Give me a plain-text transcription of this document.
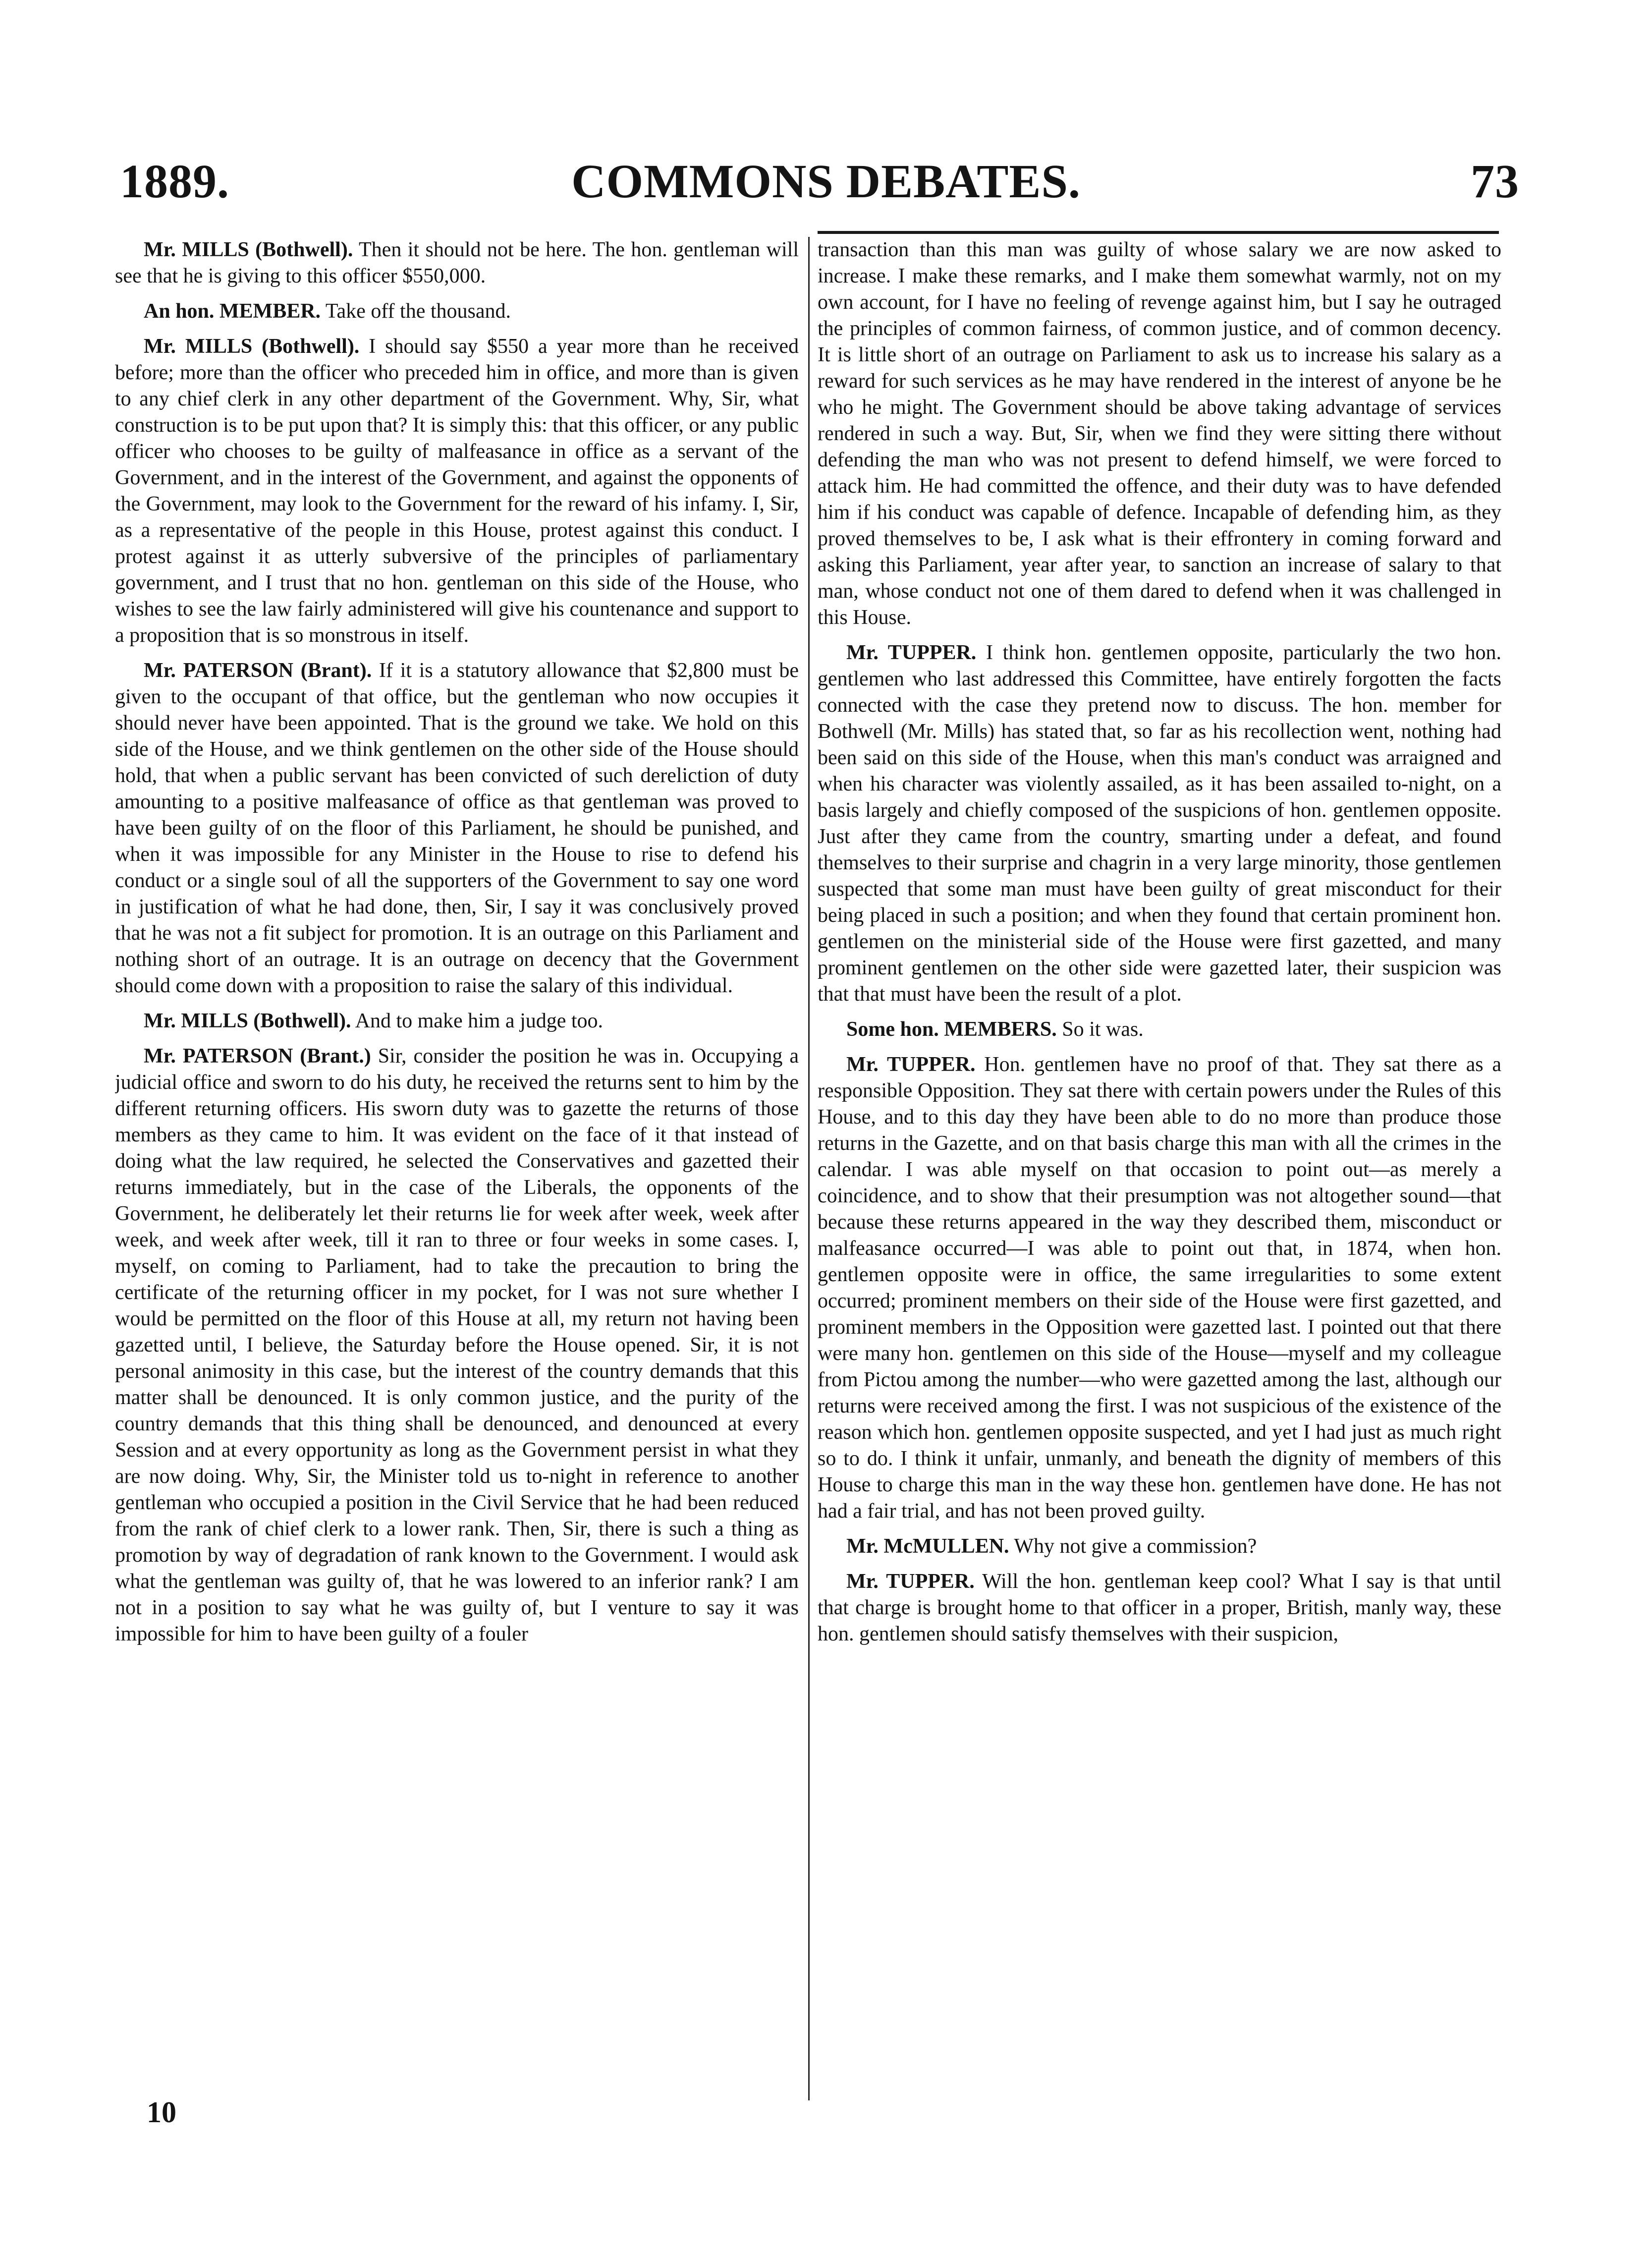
COMMONS DEBATES.
1889.	73

Mr. MILLS (Bothwell). Then it should not be here. The hon. gentleman will see that he is giving to this officer $550,000.

An hon. MEMBER. Take off the thousand.

Mr. MILLS (Bothwell). I should say $550 a year more than he received before; more than the officer who preceded him in office, and more than is given to any chief clerk in any other department of the Government. Why, Sir, what construction is to be put upon that? It is simply this: that this officer, or any public officer who chooses to be guilty of malfeasance in office as a servant of the Government, and in the interest of the Government, and against the opponents of the Government, may look to the Government for the reward of his infamy. I, Sir, as a representative of the people in this House, protest against this conduct. I protest against it as utterly subversive of the principles of parliamentary government, and I trust that no hon. gentleman on this side of the House, who wishes to see the law fairly administered will give his countenance and support to a proposition that is so monstrous in itself.

Mr. PATERSON (Brant). If it is a statutory allowance that $2,800 must be given to the occupant of that office, but the gentleman who now occupies it should never have been appointed. That is the ground we take. We hold on this side of the House, and we think gentlemen on the other side of the House should hold, that when a public servant has been convicted of such dereliction of duty amounting to a positive malfeasance of office as that gentleman was proved to have been guilty of on the floor of this Parliament, he should be punished, and when it was impossible for any Minister in the House to rise to defend his conduct or a single soul of all the supporters of the Government to say one word in justification of what he had done, then, Sir, I say it was conclusively proved that he was not a fit subject for promotion. It is an outrage on this Parliament and nothing short of an outrage. It is an outrage on decency that the Government should come down with a proposition to raise the salary of this individual.

Mr. MILLS (Bothwell). And to make him a judge too.

Mr. PATERSON (Brant.) Sir, consider the position he was in. Occupying a judicial office and sworn to do his duty, he received the returns sent to him by the different returning officers. His sworn duty was to gazette the returns of those members as they came to him. It was evident on the face of it that instead of doing what the law required, he selected the Conservatives and gazetted their returns immediately, but in the case of the Liberals, the opponents of the Government, he deliberately let their returns lie for week after week, week after week, and week after week, till it ran to three or four weeks in some cases. I, myself, on coming to Parliament, had to take the precaution to bring the certificate of the returning officer in my pocket, for I was not sure whether I would be permitted on the floor of this House at all, my return not having been gazetted until, I believe, the Saturday before the House opened. Sir, it is not personal animosity in this case, but the interest of the country demands that this matter shall be denounced. It is only common justice, and the purity of the country demands that this thing shall be denounced, and denounced at every Session and at every opportunity as long as the Government persist in what they are now doing. Why, Sir, the Minister told us to-night in reference to another gentleman who occupied a position in the Civil Service that he had been reduced from the rank of chief clerk to a lower rank. Then, Sir, there is such a thing as promotion by way of degradation of rank known to the Government. I would ask what the gentleman was guilty of, that he was lowered to an inferior rank? I am not in a position to say what he was guilty of, but I venture to say it was impossible for him to have been guilty of a fouler

transaction than this man was guilty of whose salary we are now asked to increase. I make these remarks, and I make them somewhat warmly, not on my own account, for I have no feeling of revenge against him, but I say he outraged the principles of common fairness, of common justice, and of common decency. It is little short of an outrage on Parliament to ask us to increase his salary as a reward for such services as he may have rendered in the interest of anyone be he who he might. The Government should be above taking advantage of services rendered in such a way. But, Sir, when we find they were sitting there without defending the man who was not present to defend himself, we were forced to attack him. He had committed the offence, and their duty was to have defended him if his conduct was capable of defence. Incapable of defending him, as they proved themselves to be, I ask what is their effrontery in coming forward and asking this Parliament, year after year, to sanction an increase of salary to that man, whose conduct not one of them dared to defend when it was challenged in this House.

Mr. TUPPER. I think hon. gentlemen opposite, particularly the two hon. gentlemen who last addressed this Committee, have entirely forgotten the facts connected with the case they pretend now to discuss. The hon. member for Bothwell (Mr. Mills) has stated that, so far as his recollection went, nothing had been said on this side of the House, when this man's conduct was arraigned and when his character was violently assailed, as it has been assailed to-night, on a basis largely and chiefly composed of the suspicions of hon. gentlemen opposite. Just after they came from the country, smarting under a defeat, and found themselves to their surprise and chagrin in a very large minority, those gentlemen suspected that some man must have been guilty of great misconduct for their being placed in such a position; and when they found that certain prominent hon. gentlemen on the ministerial side of the House were first gazetted, and many prominent gentlemen on the other side were gazetted later, their suspicion was that that must have been the result of a plot.

Some hon. MEMBERS. So it was.

Mr. TUPPER. Hon. gentlemen have no proof of that. They sat there as a responsible Opposition. They sat there with certain powers under the Rules of this House, and to this day they have been able to do no more than produce those returns in the Gazette, and on that basis charge this man with all the crimes in the calendar. I was able myself on that occasion to point out—as merely a coincidence, and to show that their presumption was not altogether sound—that because these returns appeared in the way they described them, misconduct or malfeasance occurred—I was able to point out that, in 1874, when hon. gentlemen opposite were in office, the same irregularities to some extent occurred; prominent members on their side of the House were first gazetted, and prominent members in the Opposition were gazetted last. I pointed out that there were many hon. gentlemen on this side of the House—myself and my colleague from Pictou among the number—who were gazetted among the last, although our returns were received among the first. I was not suspicious of the existence of the reason which hon. gentlemen opposite suspected, and yet I had just as much right so to do. I think it unfair, unmanly, and beneath the dignity of members of this House to charge this man in the way these hon. gentlemen have done. He has not had a fair trial, and has not been proved guilty.

Mr. McMULLEN. Why not give a commission?

Mr. TUPPER. Will the hon. gentleman keep cool? What I say is that until that charge is brought home to that officer in a proper, British, manly way, these hon. gentlemen should satisfy themselves with their suspicion,

10
